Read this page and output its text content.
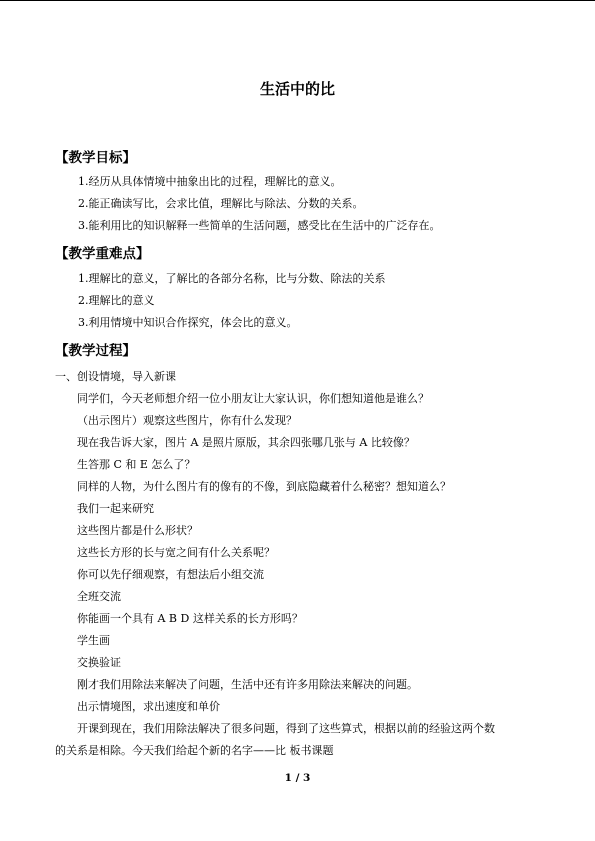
生活中的比
【教学目标】
1.经历从具体情境中抽象出比的过程，理解比的意义。
2.能正确读写比，会求比值，理解比与除法、分数的关系。
3.能利用比的知识解释一些简单的生活问题，感受比在生活中的广泛存在。
【教学重难点】
1.理解比的意义，了解比的各部分名称，比与分数、除法的关系
2.理解比的意义
3.利用情境中知识合作探究，体会比的意义。
【教学过程】
一、创设情境，导入新课
同学们，今天老师想介绍一位小朋友让大家认识，你们想知道他是谁么？
（出示图片）观察这些图片，你有什么发现？
现在我告诉大家，图片 A 是照片原版，其余四张哪几张与 A 比较像？
生答那 C 和 E 怎么了？
同样的人物，为什么图片有的像有的不像，到底隐藏着什么秘密？想知道么？
我们一起来研究
这些图片都是什么形状？
这些长方形的长与宽之间有什么关系呢？
你可以先仔细观察，有想法后小组交流
全班交流
你能画一个具有 A B D 这样关系的长方形吗？
学生画
交换验证
刚才我们用除法来解决了问题，生活中还有许多用除法来解决的问题。
出示情境图，求出速度和单价
开课到现在，我们用除法解决了很多问题，得到了这些算式，根据以前的经验这两个数
的关系是相除。今天我们给起个新的名字——比 板书课题
1 / 3
